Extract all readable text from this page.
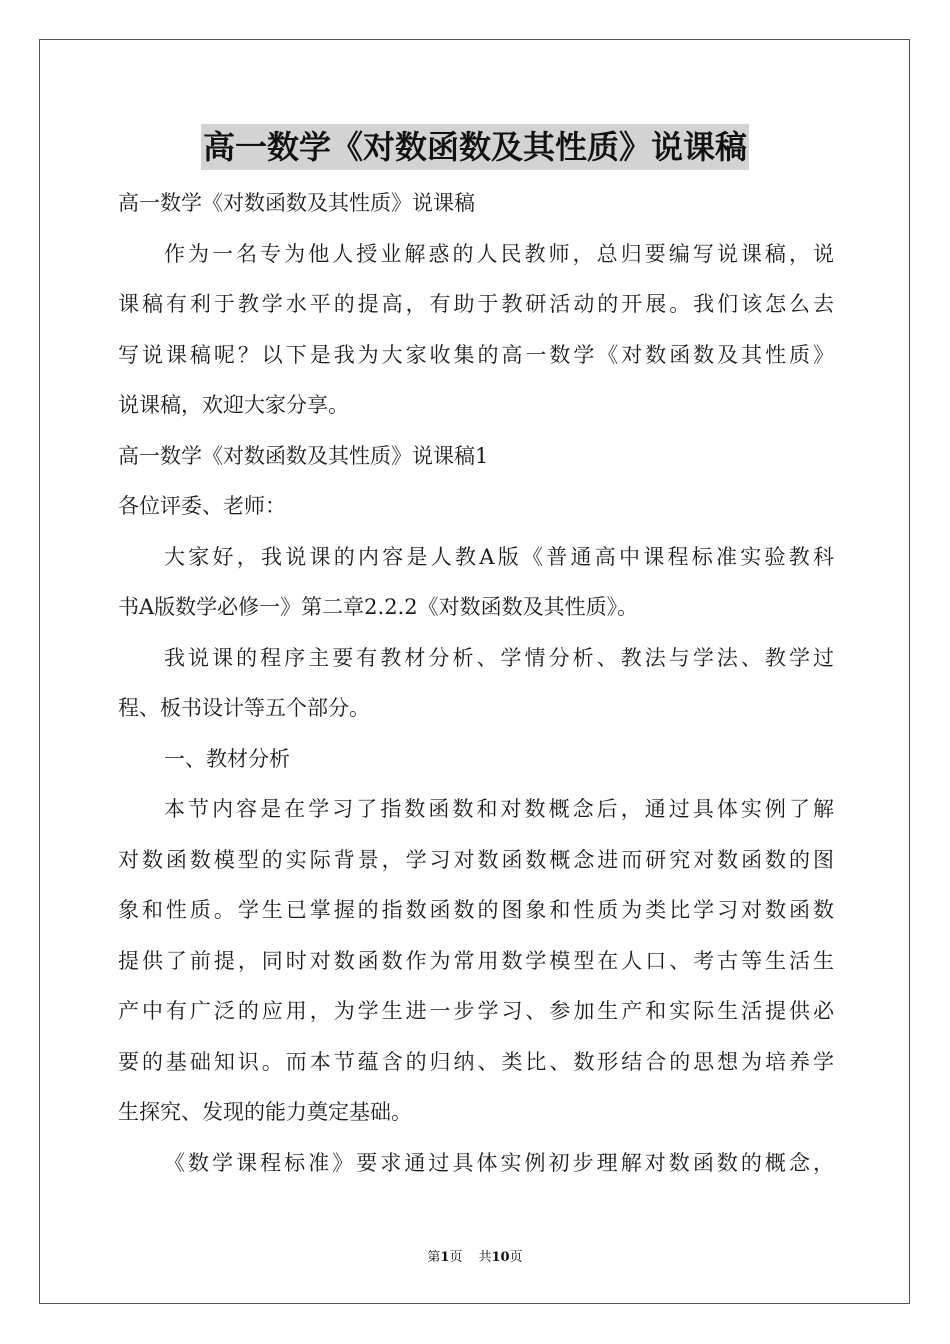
高一数学《对数函数及其性质》说课稿
高一数学《对数函数及其性质》说课稿
作为一名专为他人授业解惑的人民教师，总归要编写说课稿，说
课稿有利于教学水平的提高，有助于教研活动的开展。我们该怎么去
写说课稿呢？以下是我为大家收集的高一数学《对数函数及其性质》
说课稿，欢迎大家分享。
高一数学《对数函数及其性质》说课稿1
各位评委、老师：
大家好，我说课的内容是人教A版《普通高中课程标准实验教科
书A版数学必修一》第二章2.2.2《对数函数及其性质》。
我说课的程序主要有教材分析、学情分析、教法与学法、教学过
程、板书设计等五个部分。
一、教材分析
本节内容是在学习了指数函数和对数概念后，通过具体实例了解
对数函数模型的实际背景，学习对数函数概念进而研究对数函数的图
象和性质。学生已掌握的指数函数的图象和性质为类比学习对数函数
提供了前提，同时对数函数作为常用数学模型在人口、考古等生活生
产中有广泛的应用，为学生进一步学习、参加生产和实际生活提供必
要的基础知识。而本节蕴含的归纳、类比、数形结合的思想为培养学
生探究、发现的能力奠定基础。
《数学课程标准》要求通过具体实例初步理解对数函数的概念，
第1页 共10页
